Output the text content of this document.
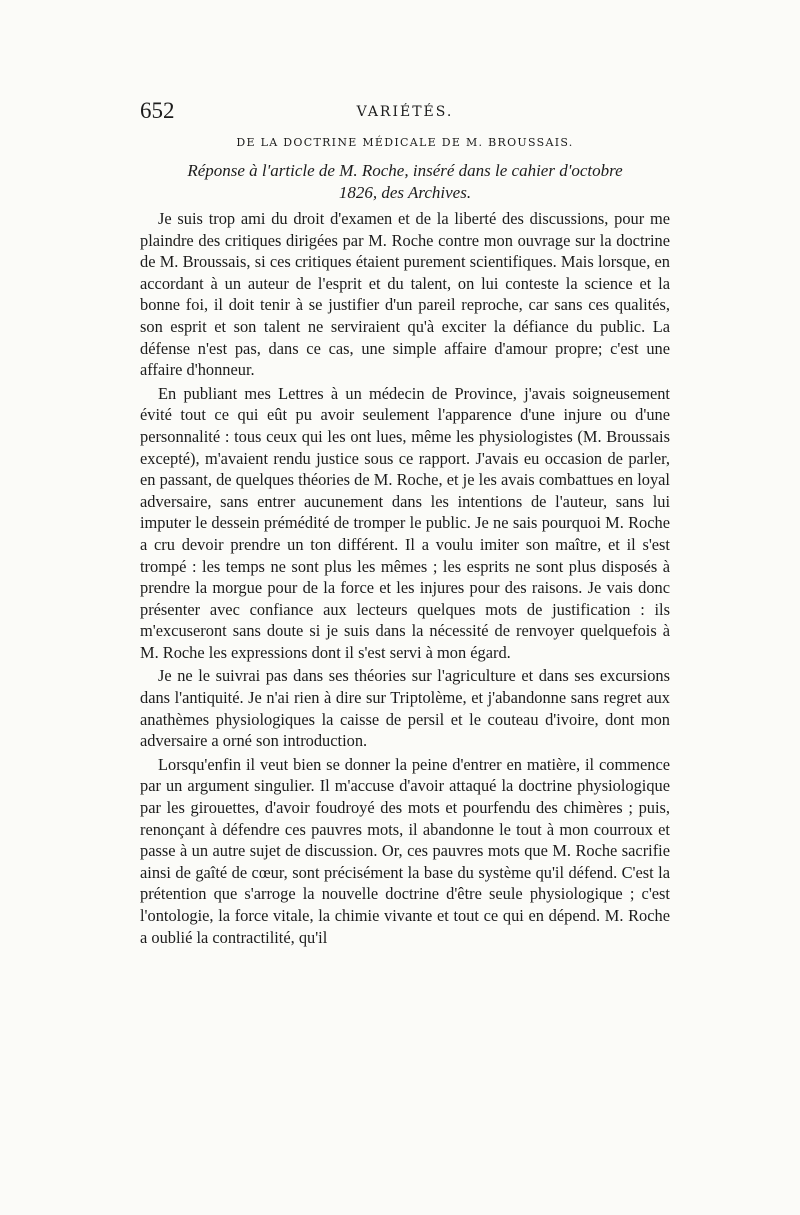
652	VARIÉTÉS.
DE LA DOCTRINE MÉDICALE DE M. BROUSSAIS.
Réponse à l'article de M. Roche, inséré dans le cahier d'octobre
1826, des Archives.

Je suis trop ami du droit d'examen et de la liberté des discussions, pour me plaindre des critiques dirigées par M. Roche contre mon ouvrage sur la doctrine de M. Broussais, si ces critiques étaient purement scientifiques. Mais lorsque, en accordant à un auteur de l'esprit et du talent, on lui conteste la science et la bonne foi, il doit tenir à se justifier d'un pareil reproche, car sans ces qualités, son esprit et son talent ne serviraient qu'à exciter la défiance du public. La défense n'est pas, dans ce cas, une simple affaire d'amour propre; c'est une affaire d'honneur.

En publiant mes Lettres à un médecin de Province, j'avais soigneusement évité tout ce qui eût pu avoir seulement l'apparence d'une injure ou d'une personnalité : tous ceux qui les ont lues, même les physiologistes (M. Broussais excepté), m'avaient rendu justice sous ce rapport. J'avais eu occasion de parler, en passant, de quelques théories de M. Roche, et je les avais combattues en loyal adversaire, sans entrer aucunement dans les intentions de l'auteur, sans lui imputer le dessein prémédité de tromper le public. Je ne sais pourquoi M. Roche a cru devoir prendre un ton différent. Il a voulu imiter son maître, et il s'est trompé : les temps ne sont plus les mêmes ; les esprits ne sont plus disposés à prendre la morgue pour de la force et les injures pour des raisons. Je vais donc présenter avec confiance aux lecteurs quelques mots de justification : ils m'excuseront sans doute si je suis dans la nécessité de renvoyer quelquefois à M. Roche les expressions dont il s'est servi à mon égard.

Je ne le suivrai pas dans ses théories sur l'agriculture et dans ses excursions dans l'antiquité. Je n'ai rien à dire sur Triptolème, et j'abandonne sans regret aux anathèmes physiologiques la caisse de persil et le couteau d'ivoire, dont mon adversaire a orné son introduction.

Lorsqu'enfin il veut bien se donner la peine d'entrer en matière, il commence par un argument singulier. Il m'accuse d'avoir attaqué la doctrine physiologique par les girouettes, d'avoir foudroyé des mots et pourfendu des chimères ; puis, renonçant à défendre ces pauvres mots, il abandonne le tout à mon courroux et passe à un autre sujet de discussion. Or, ces pauvres mots que M. Roche sacrifie ainsi de gaîté de cœur, sont précisément la base du système qu'il défend. C'est la prétention que s'arroge la nouvelle doctrine d'être seule physiologique ; c'est l'ontologie, la force vitale, la chimie vivante et tout ce qui en dépend. M. Roche a oublié la contractilité, qu'il
